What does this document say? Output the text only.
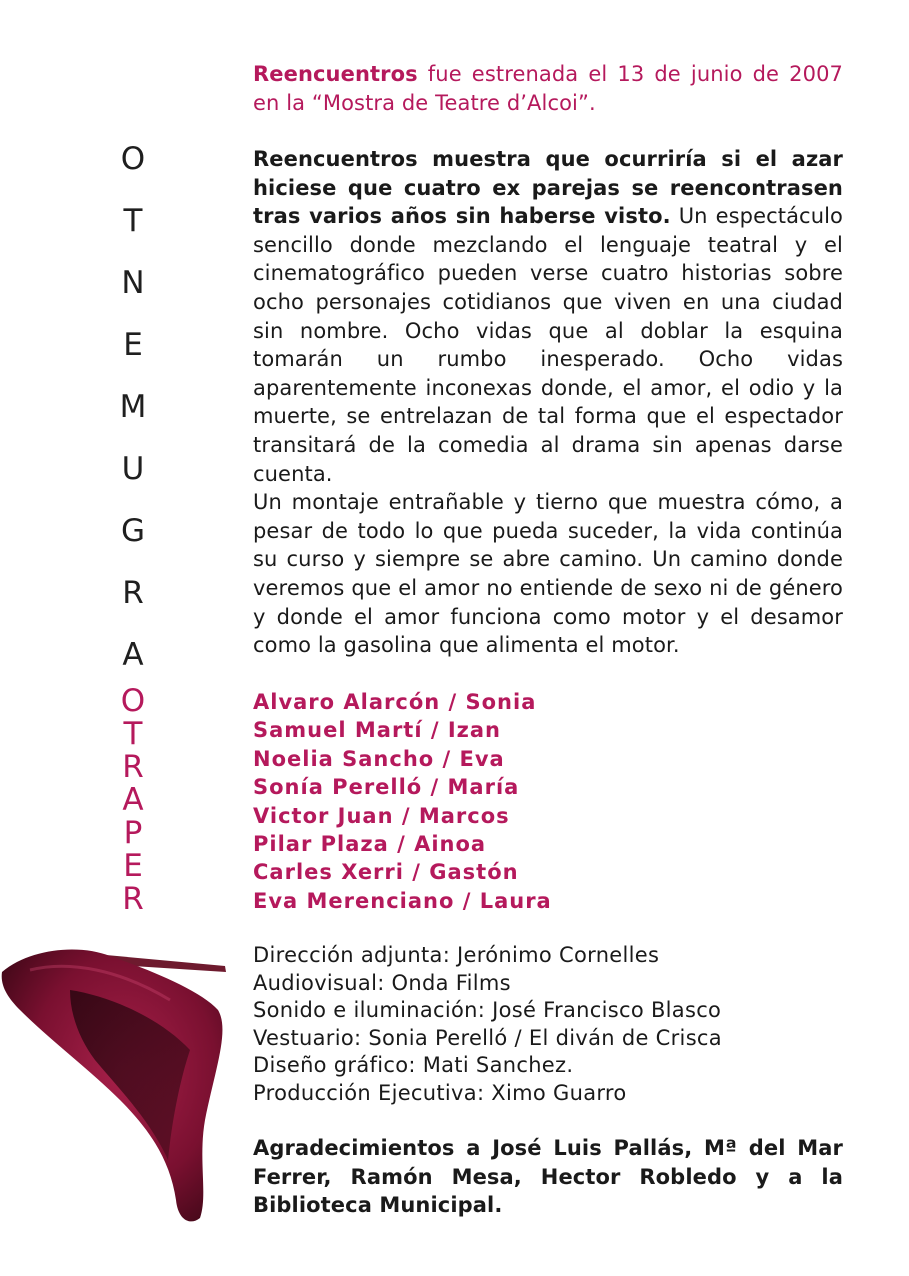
O
T
N
E
M
U
G
R
A
O
T
R
A
P
E
R

Reencuentros fue estrenada el 13 de junio de 2007 en la “Mostra de Teatre d’Alcoi”.

Reencuentros muestra que ocurriría si el azar hiciese que cuatro ex parejas se reencontrasen tras varios años sin haberse visto. Un espectáculo sencillo donde mezclando el lenguaje teatral y el cinematográfico pueden verse cuatro historias sobre ocho personajes cotidianos que viven en una ciudad sin nombre. Ocho vidas que al doblar la esquina tomarán un rumbo inesperado. Ocho vidas aparentemente inconexas donde, el amor, el odio y la muerte, se entrelazan de tal forma que el espectador transitará de la comedia al drama sin apenas darse cuenta.

Un montaje entrañable y tierno que muestra cómo, a pesar de todo lo que pueda suceder, la vida continúa su curso y siempre se abre camino. Un camino donde veremos que el amor no entiende de sexo ni de género y donde el amor funciona como motor y el desamor como la gasolina que alimenta el motor.

Alvaro Alarcón / Sonia
Samuel Martí / Izan
Noelia Sancho / Eva
Sonía Perelló / María
Victor Juan / Marcos
Pilar Plaza / Ainoa
Carles Xerri / Gastón
Eva Merenciano / Laura
Dirección adjunta: Jerónimo Cornelles
Audiovisual: Onda Films
Sonido e iluminación: José Francisco Blasco
Vestuario: Sonia Perelló / El diván de Crisca
Diseño gráfico: Mati Sanchez.
Producción Ejecutiva: Ximo Guarro

Agradecimientos a José Luis Pallás, Mª del Mar Ferrer, Ramón Mesa, Hector Robledo y a la Biblioteca Municipal.
